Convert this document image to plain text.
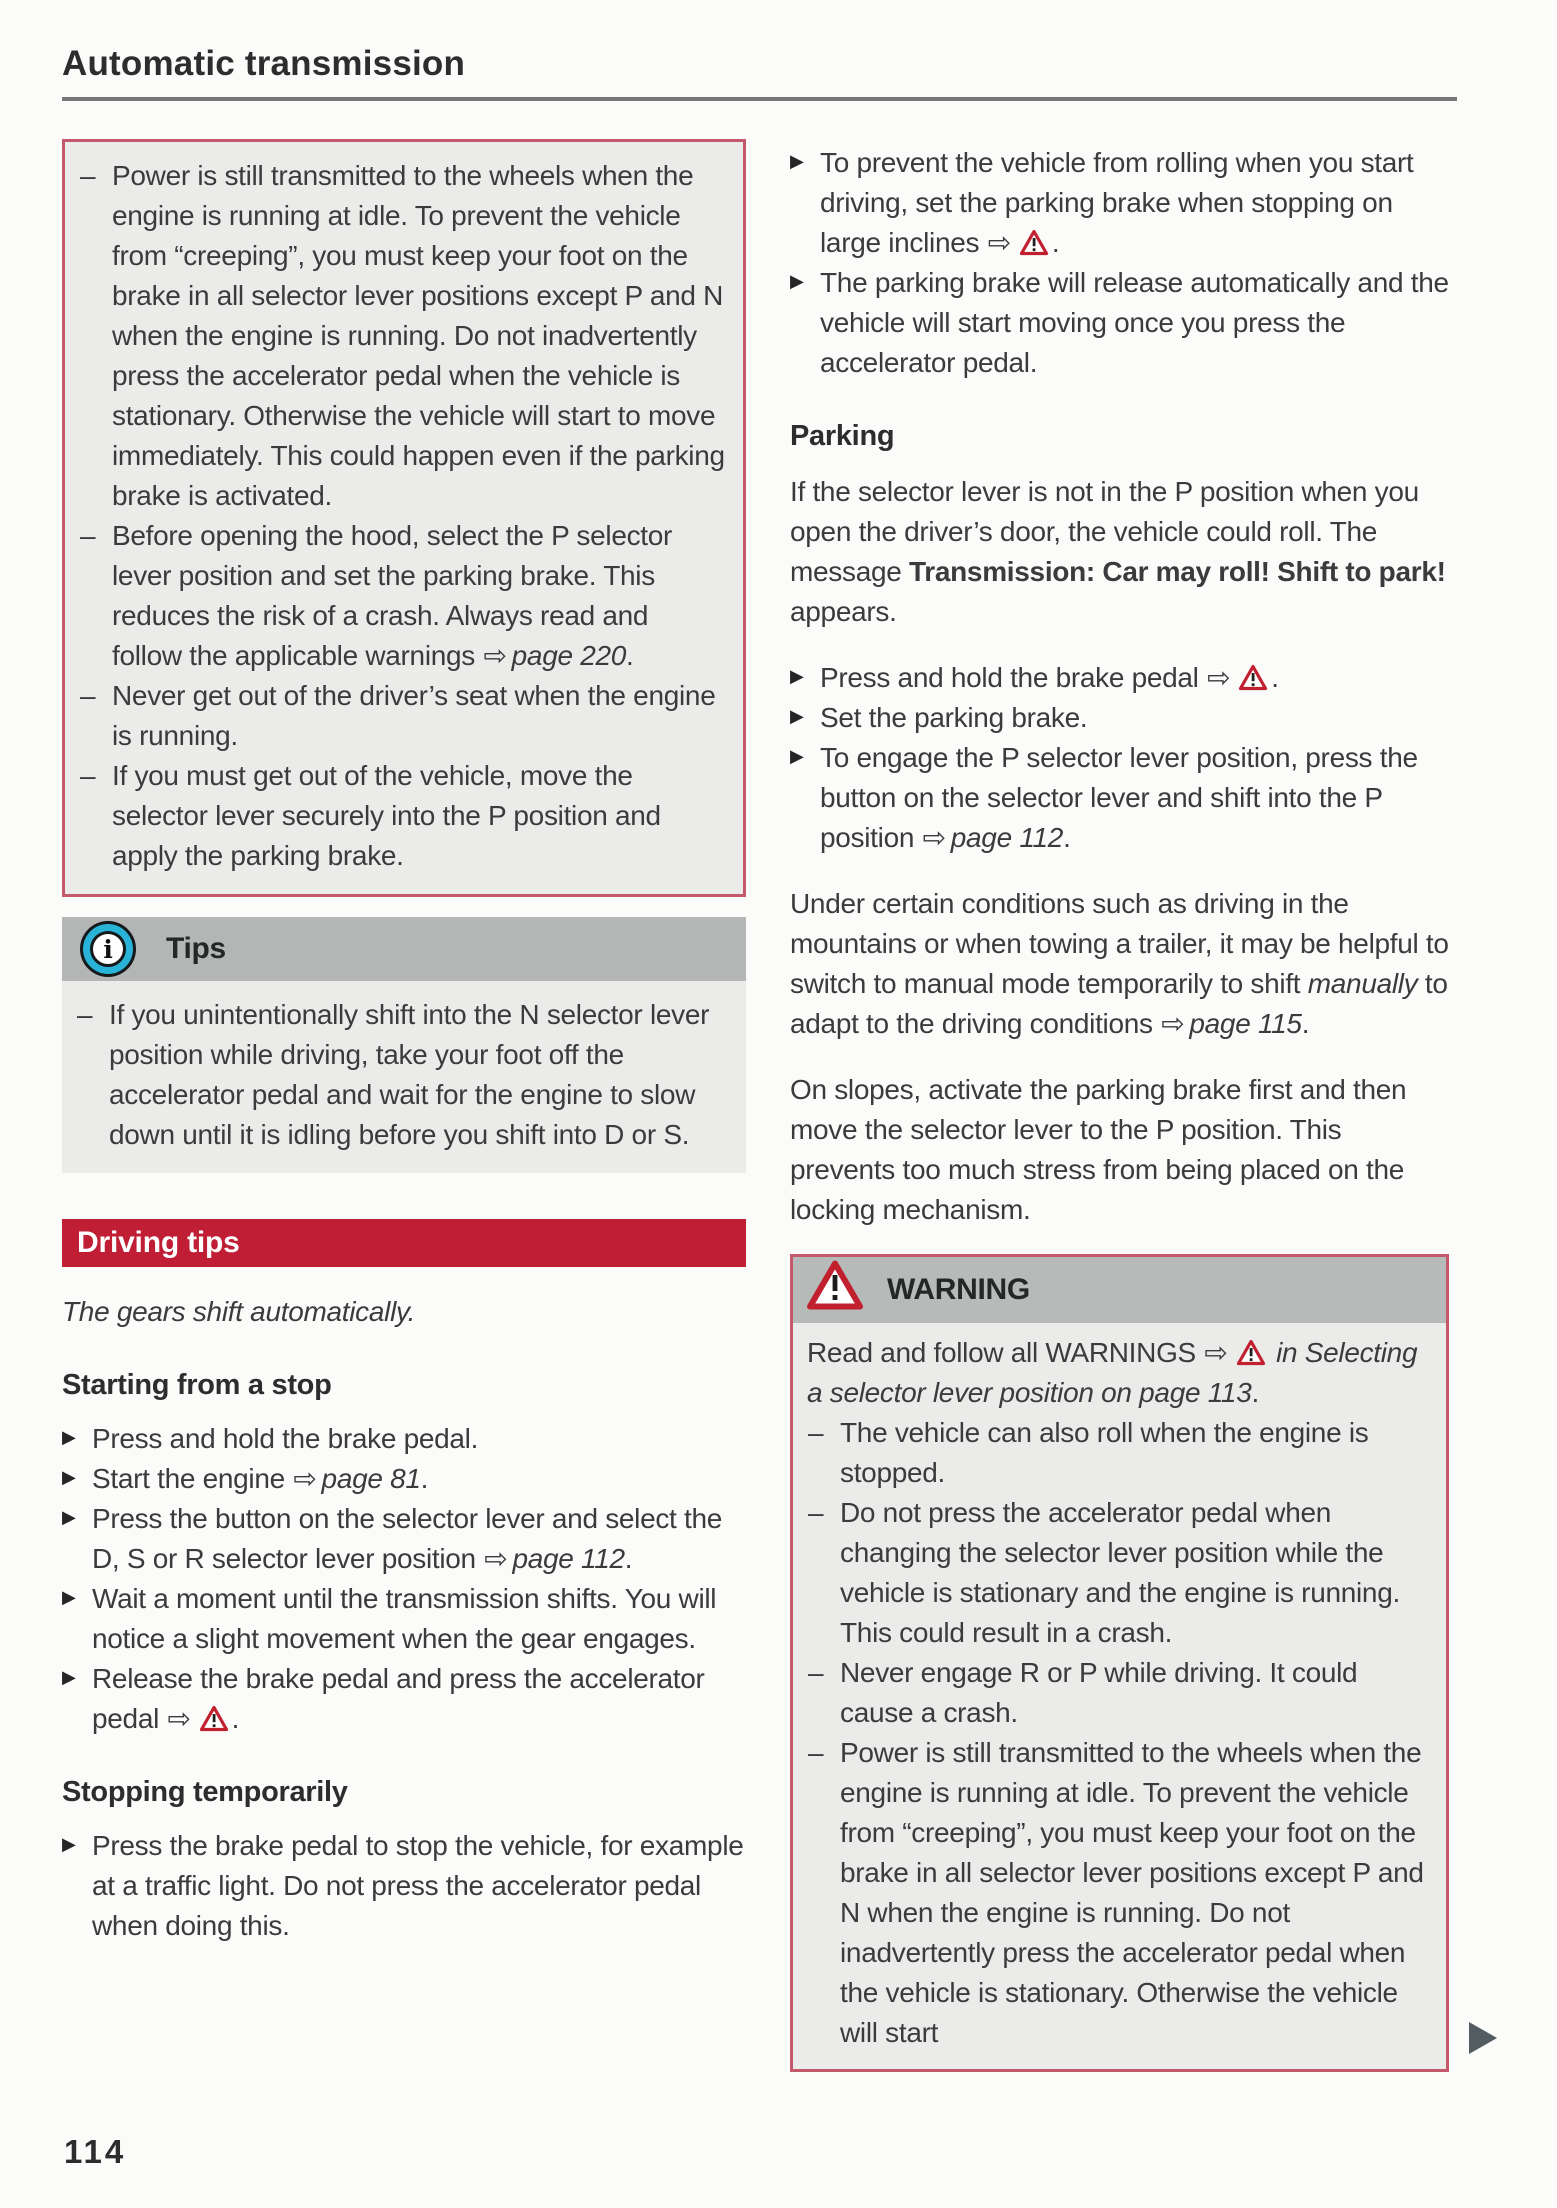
Automatic transmission
– Power is still transmitted to the wheels when the engine is running at idle. To prevent the vehicle from “creeping”, you must keep your foot on the brake in all selector lever positions except P and N when the engine is running. Do not inadvertently press the accelerator pedal when the vehicle is stationary. Otherwise the vehicle will start to move immediately. This could happen even if the parking brake is activated.
– Before opening the hood, select the P selector lever position and set the parking brake. This reduces the risk of a crash. Always read and follow the applicable warnings ⇨ page 220.
– Never get out of the driver’s seat when the engine is running.
– If you must get out of the vehicle, move the selector lever securely into the P position and apply the parking brake.
i Tips
– If you unintentionally shift into the N selector lever position while driving, take your foot off the accelerator pedal and wait for the engine to slow down until it is idling before you shift into D or S.
Driving tips

The gears shift automatically.

Starting from a stop
▶ Press and hold the brake pedal.
▶ Start the engine ⇨ page 81.
▶ Press the button on the selector lever and select the D, S or R selector lever position ⇨ page 112.
▶ Wait a moment until the transmission shifts. You will notice a slight movement when the gear engages.
▶ Release the brake pedal and press the accelerator pedal ⇨ .
Stopping temporarily
▶ Press the brake pedal to stop the vehicle, for example at a traffic light. Do not press the accelerator pedal when doing this.
▶ To prevent the vehicle from rolling when you start driving, set the parking brake when stopping on large inclines ⇨ .
▶ The parking brake will release automatically and the vehicle will start moving once you press the accelerator pedal.
Parking

If the selector lever is not in the P position when you open the driver’s door, the vehicle could roll. The message Transmission: Car may roll! Shift to park! appears.

▶ Press and hold the brake pedal ⇨ .
▶ Set the parking brake.
▶ To engage the P selector lever position, press the button on the selector lever and shift into the P position ⇨ page 112.

Under certain conditions such as driving in the mountains or when towing a trailer, it may be helpful to switch to manual mode temporarily to shift manually to adapt to the driving conditions ⇨ page 115.

On slopes, activate the parking brake first and then move the selector lever to the P position. This prevents too much stress from being placed on the locking mechanism.

WARNING

Read and follow all WARNINGS ⇨ in Selecting a selector lever position on page 113.

– The vehicle can also roll when the engine is stopped.
– Do not press the accelerator pedal when changing the selector lever position while the vehicle is stationary and the engine is running. This could result in a crash.
– Never engage R or P while driving. It could cause a crash.
– Power is still transmitted to the wheels when the engine is running at idle. To prevent the vehicle from “creeping”, you must keep your foot on the brake in all selector lever positions except P and N when the engine is running. Do not inadvertently press the accelerator pedal when the vehicle is stationary. Otherwise the vehicle will start
114
